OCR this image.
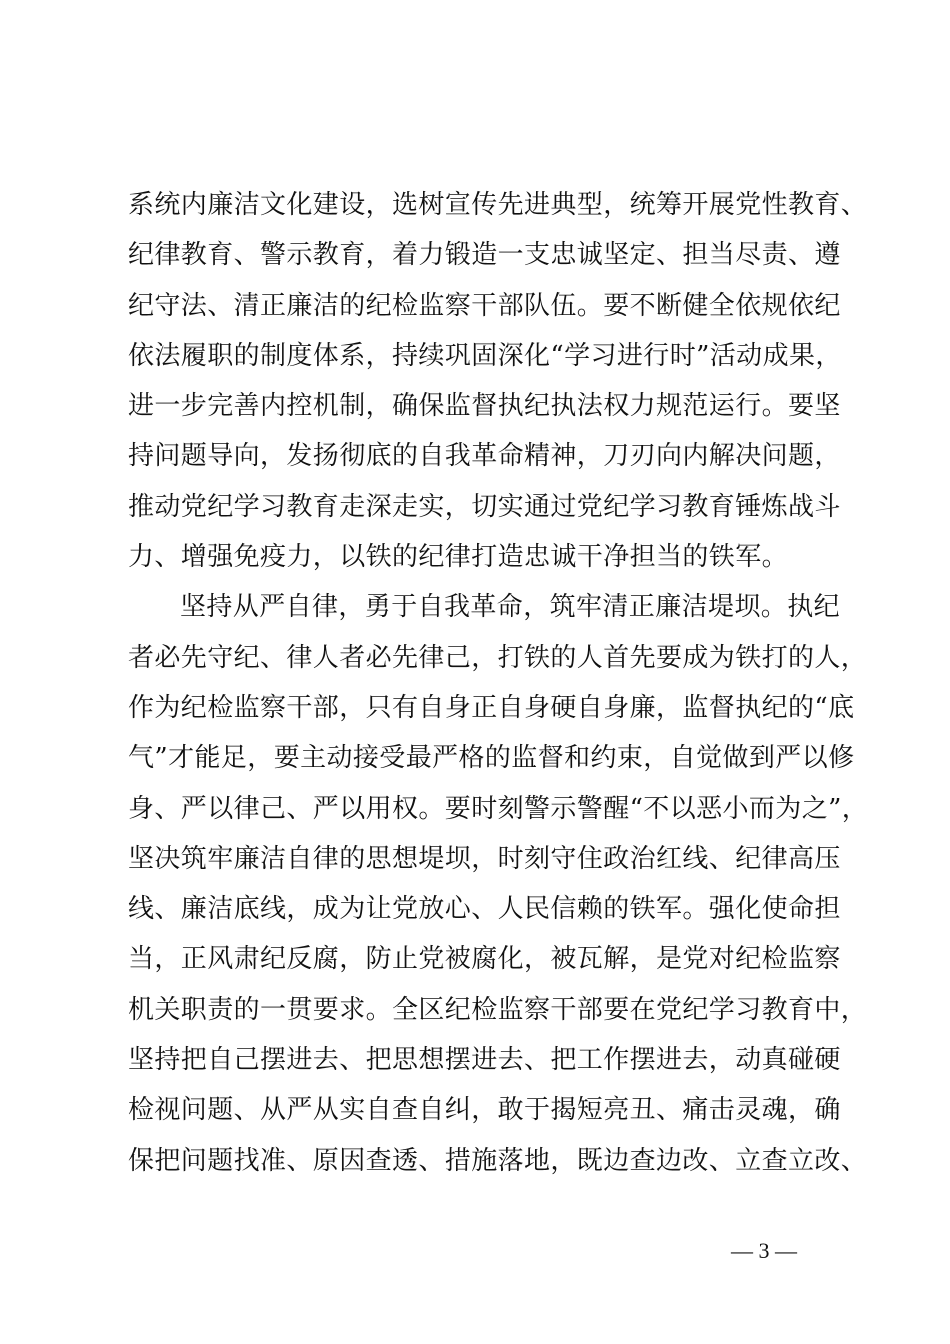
系统内廉洁文化建设，选树宣传先进典型，统筹开展党性教育、
纪律教育、警示教育，着力锻造一支忠诚坚定、担当尽责、遵
纪守法、清正廉洁的纪检监察干部队伍。要不断健全依规依纪
依法履职的制度体系，持续巩固深化“学习进行时”活动成果，
进一步完善内控机制，确保监督执纪执法权力规范运行。要坚
持问题导向，发扬彻底的自我革命精神，刀刃向内解决问题，
推动党纪学习教育走深走实，切实通过党纪学习教育锤炼战斗
力、增强免疫力，以铁的纪律打造忠诚干净担当的铁军。
坚持从严自律，勇于自我革命，筑牢清正廉洁堤坝。执纪
者必先守纪、律人者必先律己，打铁的人首先要成为铁打的人，
作为纪检监察干部，只有自身正自身硬自身廉，监督执纪的“底
气”才能足，要主动接受最严格的监督和约束，自觉做到严以修
身、严以律己、严以用权。要时刻警示警醒“不以恶小而为之”，
坚决筑牢廉洁自律的思想堤坝，时刻守住政治红线、纪律高压
线、廉洁底线，成为让党放心、人民信赖的铁军。强化使命担
当，正风肃纪反腐，防止党被腐化，被瓦解，是党对纪检监察
机关职责的一贯要求。全区纪检监察干部要在党纪学习教育中，
坚持把自己摆进去、把思想摆进去、把工作摆进去，动真碰硬
检视问题、从严从实自查自纠，敢于揭短亮丑、痛击灵魂，确
保把问题找准、原因查透、措施落地，既边查边改、立查立改、
— 3 —
